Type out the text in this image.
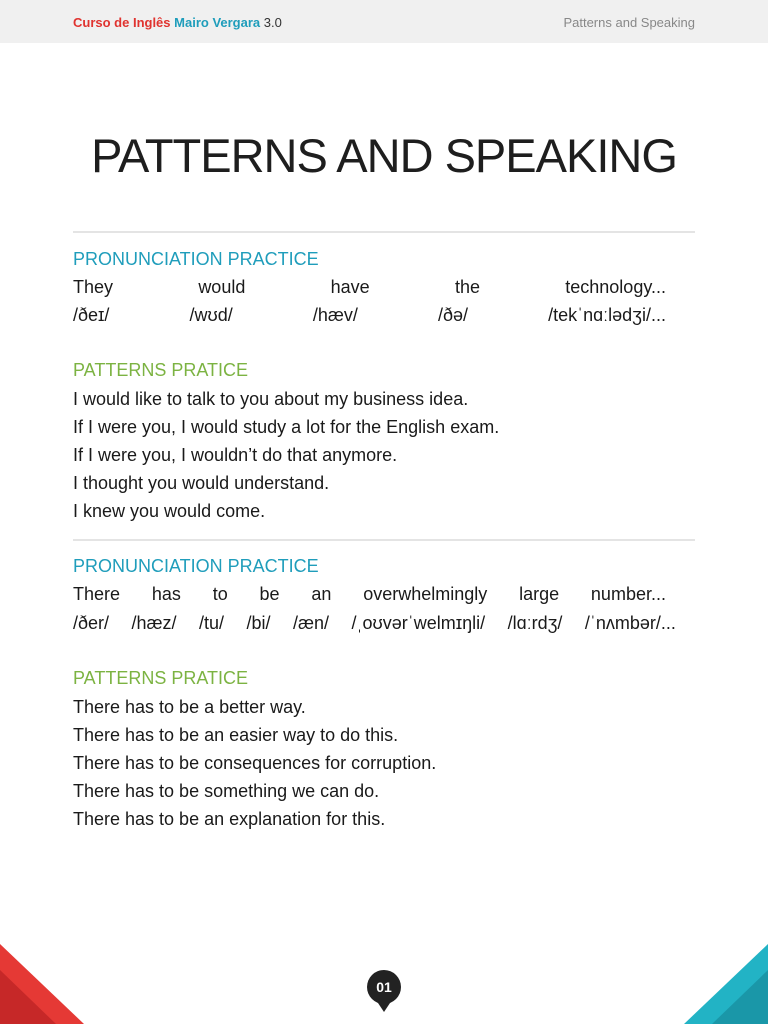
Curso de Inglês Mairo Vergara 3.0	Patterns and Speaking
PATTERNS AND SPEAKING
PRONUNCIATION PRACTICE
They	would	have	the	technology...
/ðeɪ/	/wʊd/	/hæv/	/ðə/	/tekˈnɑːlədʒi/...
PATTERNS PRATICE
I would like to talk to you about my business idea.
If I were you, I would study a lot for the English exam.
If I were you, I wouldn’t do that anymore.
I thought you would understand.
I knew you would come.
PRONUNCIATION PRACTICE
There has to be an overwhelmingly large number...
/ðer/ /hæz/ /tu/ /bi/ /æn/ /ˌoʊvərˈwelmɪŋli/ /lɑːrdʒ/ /ˈnʌmbər/...
PATTERNS PRATICE
There has to be a better way.
There has to be an easier way to do this.
There has to be consequences for corruption.
There has to be something we can do.
There has to be an explanation for this.
01
